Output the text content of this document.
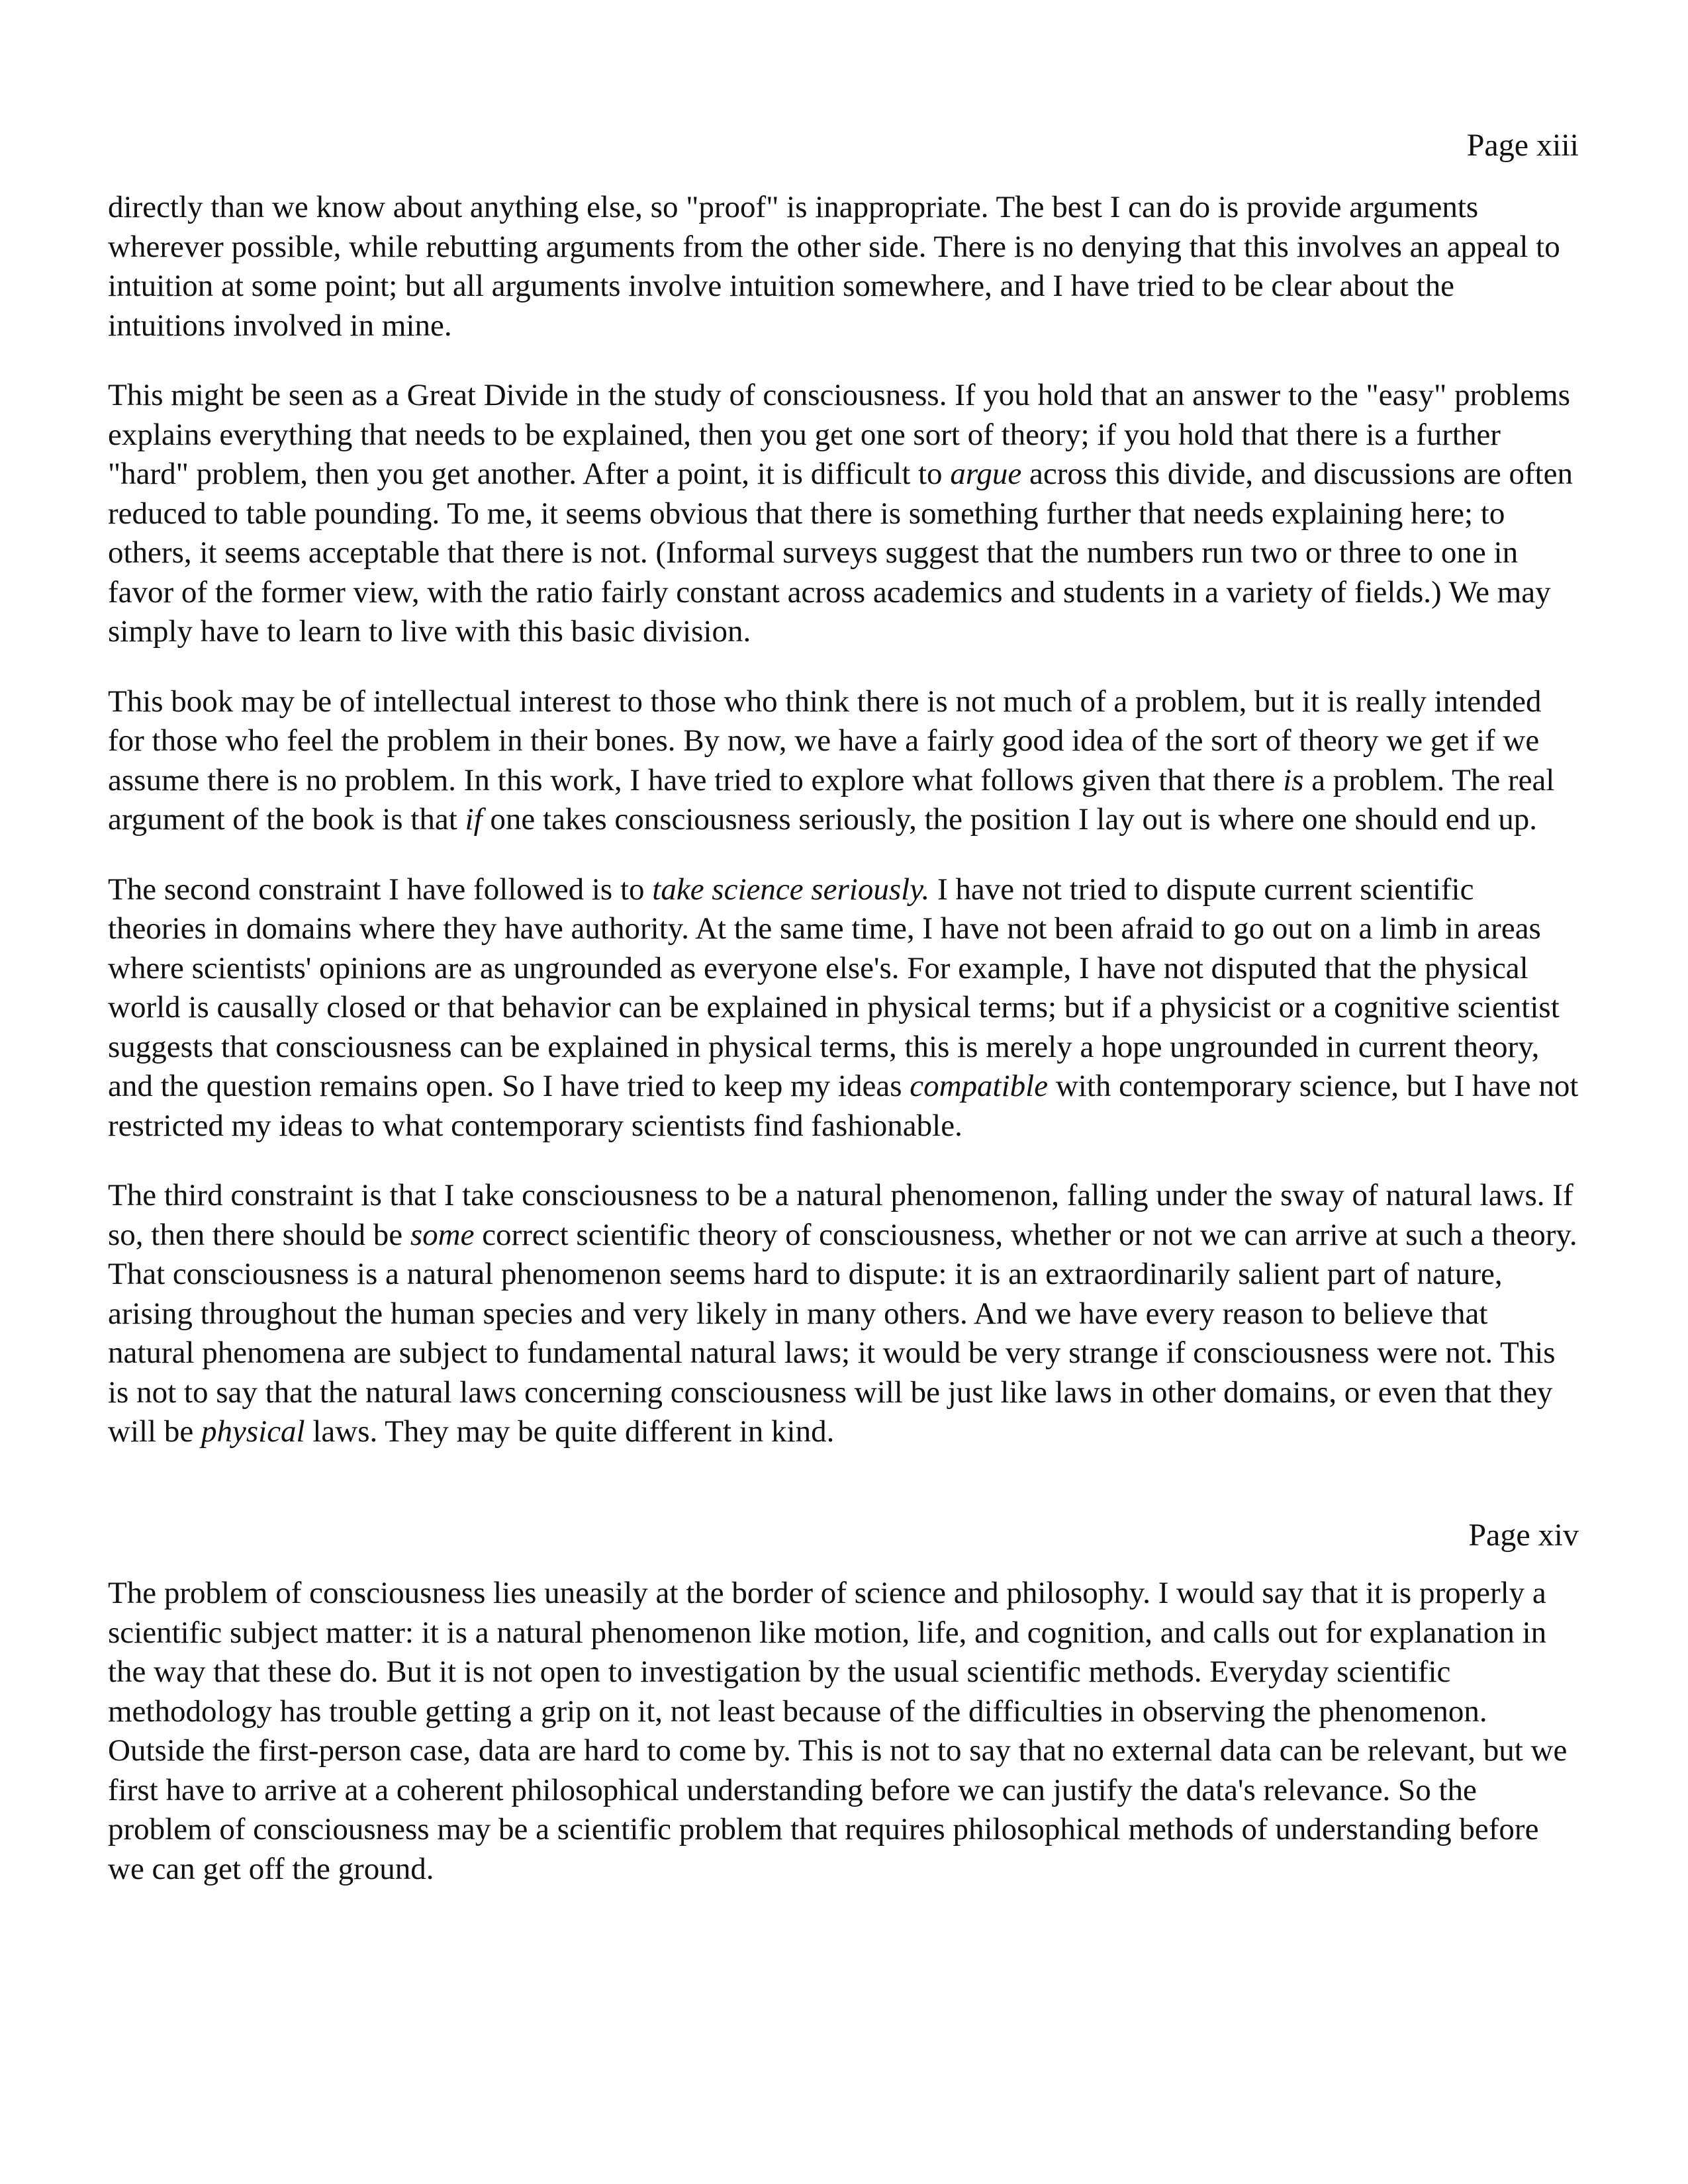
Page xiii

directly than we know about anything else, so "proof" is inappropriate. The best I can do is provide arguments wherever possible, while rebutting arguments from the other side. There is no denying that this involves an appeal to intuition at some point; but all arguments involve intuition somewhere, and I have tried to be clear about the intuitions involved in mine.

This might be seen as a Great Divide in the study of consciousness. If you hold that an answer to the "easy" problems explains everything that needs to be explained, then you get one sort of theory; if you hold that there is a further "hard" problem, then you get another. After a point, it is difficult to argue across this divide, and discussions are often reduced to table pounding. To me, it seems obvious that there is something further that needs explaining here; to others, it seems acceptable that there is not. (Informal surveys suggest that the numbers run two or three to one in favor of the former view, with the ratio fairly constant across academics and students in a variety of fields.) We may simply have to learn to live with this basic division.

This book may be of intellectual interest to those who think there is not much of a problem, but it is really intended for those who feel the problem in their bones. By now, we have a fairly good idea of the sort of theory we get if we assume there is no problem. In this work, I have tried to explore what follows given that there is a problem. The real argument of the book is that if one takes consciousness seriously, the position I lay out is where one should end up.

The second constraint I have followed is to take science seriously. I have not tried to dispute current scientific theories in domains where they have authority. At the same time, I have not been afraid to go out on a limb in areas where scientists' opinions are as ungrounded as everyone else's. For example, I have not disputed that the physical world is causally closed or that behavior can be explained in physical terms; but if a physicist or a cognitive scientist suggests that consciousness can be explained in physical terms, this is merely a hope ungrounded in current theory, and the question remains open. So I have tried to keep my ideas compatible with contemporary science, but I have not restricted my ideas to what contemporary scientists find fashionable.

The third constraint is that I take consciousness to be a natural phenomenon, falling under the sway of natural laws. If so, then there should be some correct scientific theory of consciousness, whether or not we can arrive at such a theory. That consciousness is a natural phenomenon seems hard to dispute: it is an extraordinarily salient part of nature, arising throughout the human species and very likely in many others. And we have every reason to believe that natural phenomena are subject to fundamental natural laws; it would be very strange if consciousness were not. This is not to say that the natural laws concerning consciousness will be just like laws in other domains, or even that they will be physical laws. They may be quite different in kind.

Page xiv

The problem of consciousness lies uneasily at the border of science and philosophy. I would say that it is properly a scientific subject matter: it is a natural phenomenon like motion, life, and cognition, and calls out for explanation in the way that these do. But it is not open to investigation by the usual scientific methods. Everyday scientific methodology has trouble getting a grip on it, not least because of the difficulties in observing the phenomenon. Outside the first-person case, data are hard to come by. This is not to say that no external data can be relevant, but we first have to arrive at a coherent philosophical understanding before we can justify the data's relevance. So the problem of consciousness may be a scientific problem that requires philosophical methods of understanding before we can get off the ground.
